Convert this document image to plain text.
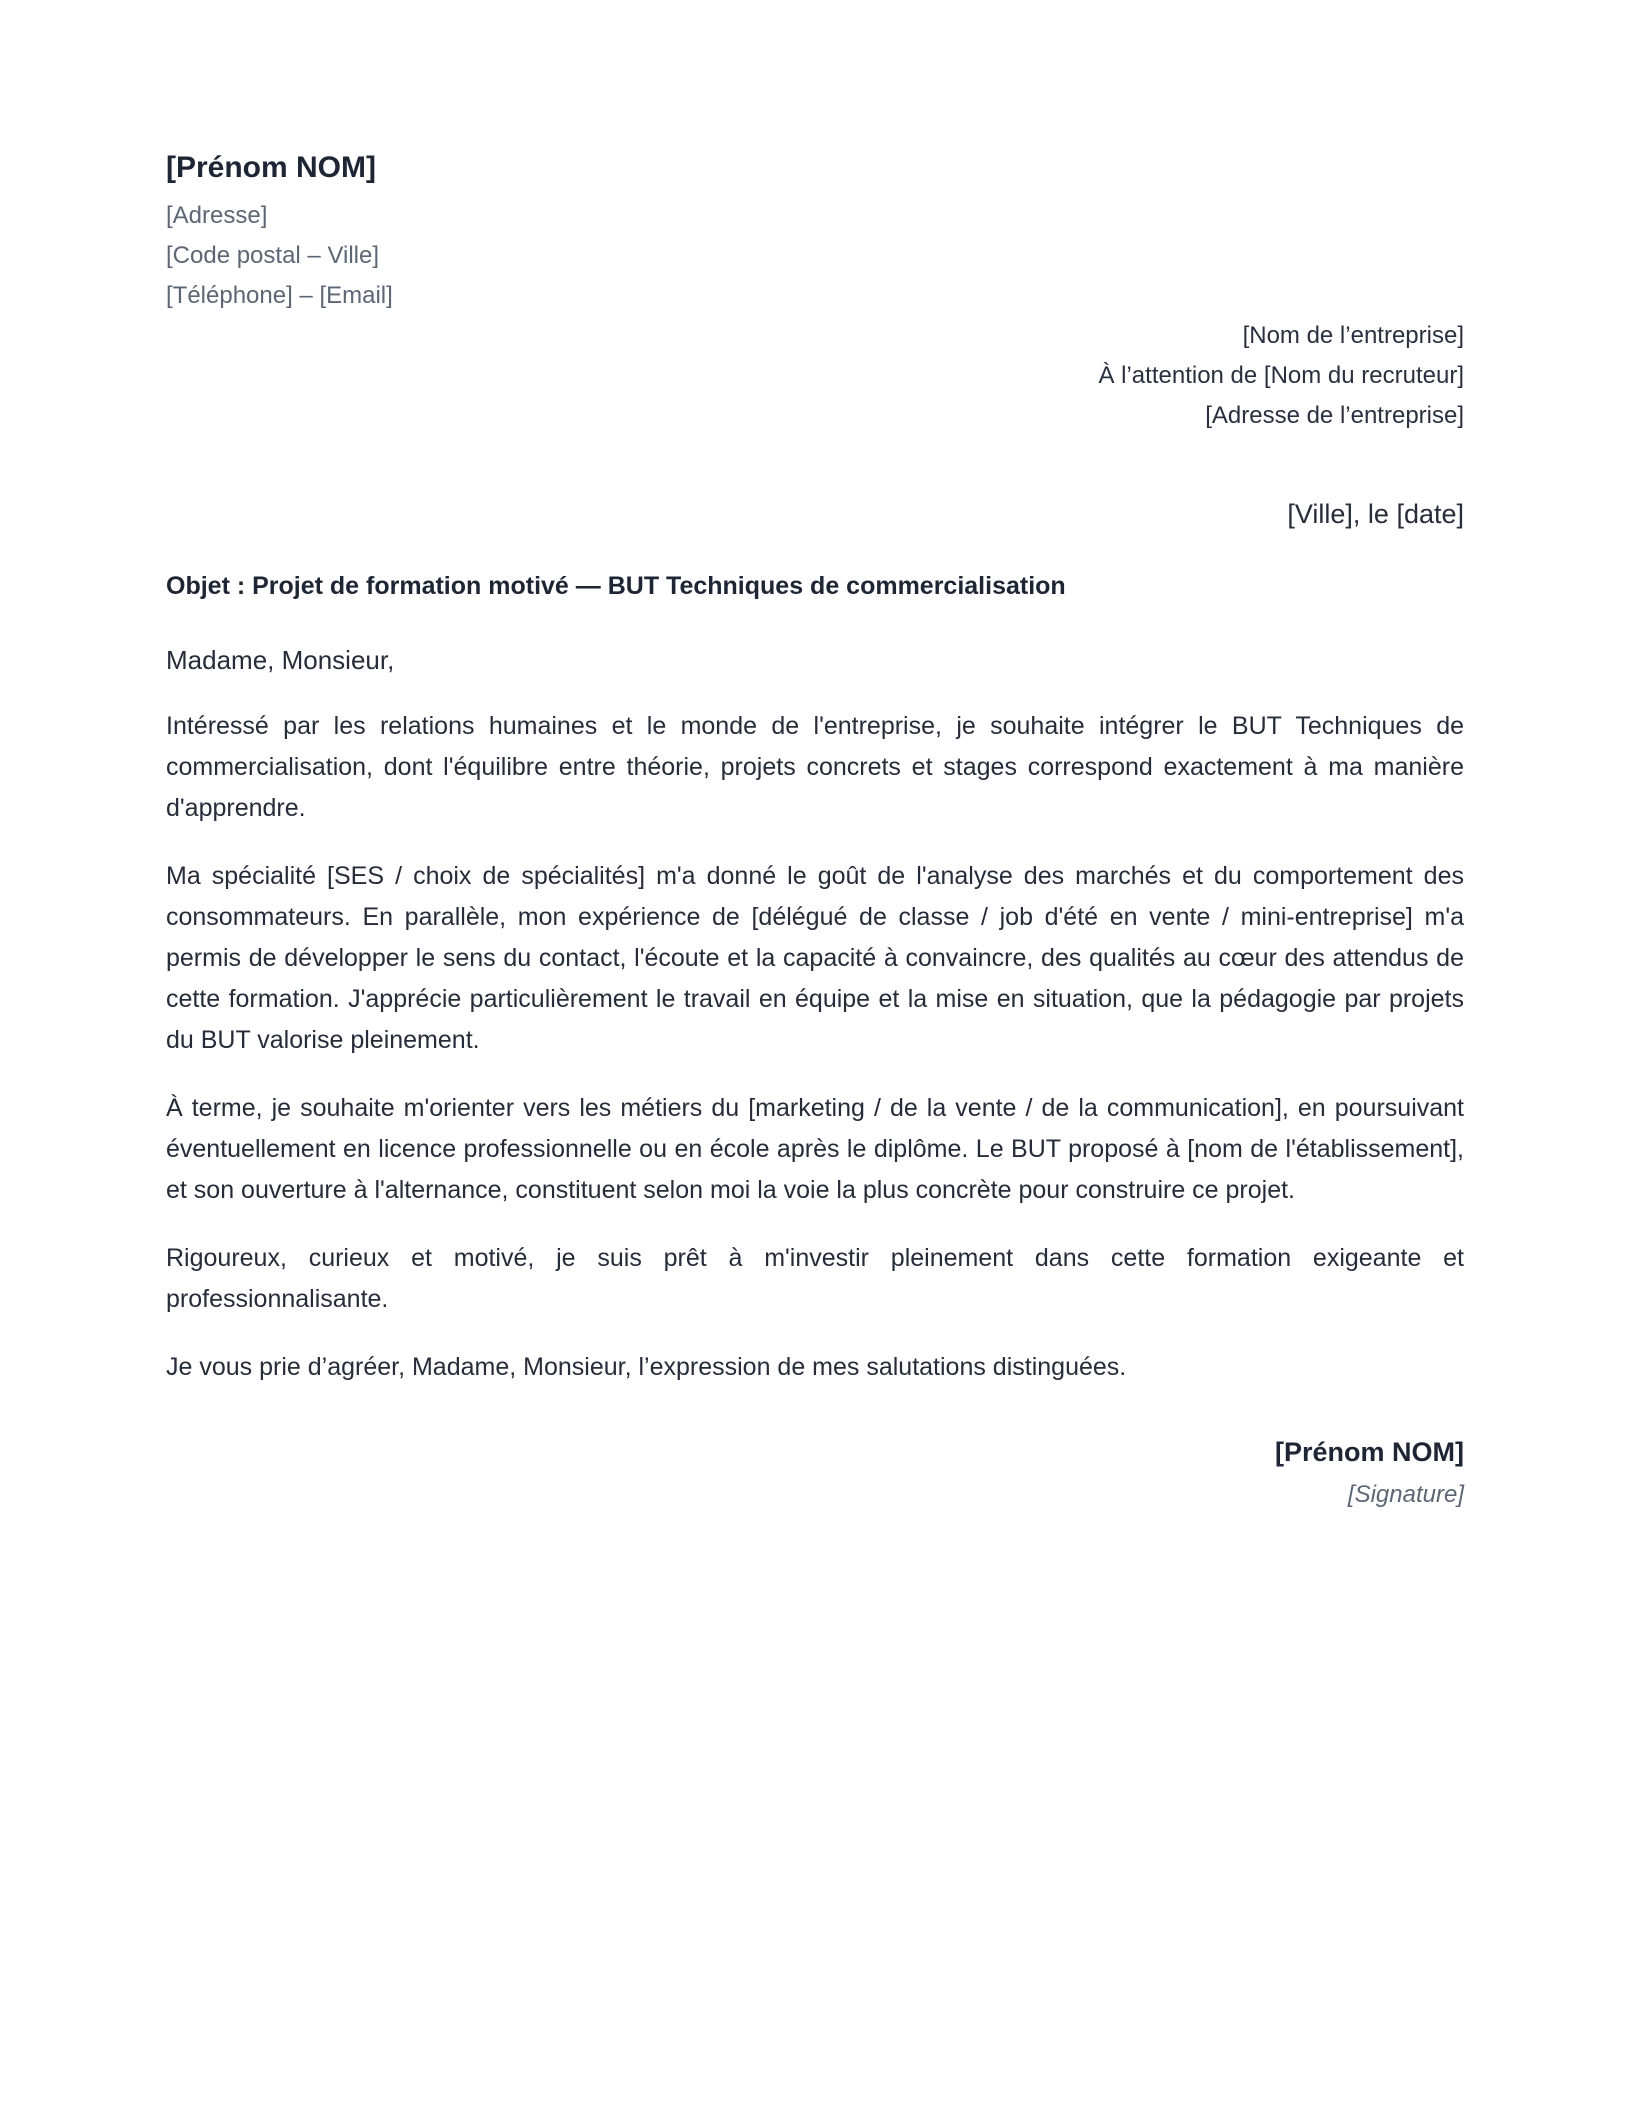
[Prénom NOM]
[Adresse]
[Code postal – Ville]
[Téléphone] – [Email]
[Nom de l’entreprise]
À l’attention de [Nom du recruteur]
[Adresse de l’entreprise]
[Ville], le [date]
Objet : Projet de formation motivé — BUT Techniques de commercialisation
Madame, Monsieur,

Intéressé par les relations humaines et le monde de l'entreprise, je souhaite intégrer le BUT Techniques de commercialisation, dont l'équilibre entre théorie, projets concrets et stages correspond exactement à ma manière d'apprendre.

Ma spécialité [SES / choix de spécialités] m'a donné le goût de l'analyse des marchés et du comportement des consommateurs. En parallèle, mon expérience de [délégué de classe / job d'été en vente / mini-entreprise] m'a permis de développer le sens du contact, l'écoute et la capacité à convaincre, des qualités au cœur des attendus de cette formation. J'apprécie particulièrement le travail en équipe et la mise en situation, que la pédagogie par projets du BUT valorise pleinement.

À terme, je souhaite m'orienter vers les métiers du [marketing / de la vente / de la communication], en poursuivant éventuellement en licence professionnelle ou en école après le diplôme. Le BUT proposé à [nom de l'établissement], et son ouverture à l'alternance, constituent selon moi la voie la plus concrète pour construire ce projet.

Rigoureux, curieux et motivé, je suis prêt à m'investir pleinement dans cette formation exigeante et professionnalisante.

Je vous prie d’agréer, Madame, Monsieur, l’expression de mes salutations distinguées.
[Prénom NOM]
[Signature]
